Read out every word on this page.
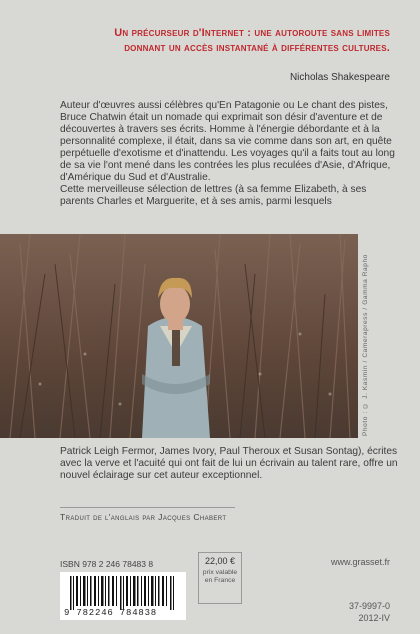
Un précurseur d'Internet : une autoroute sans limites donnant un accès instantané à différentes cultures.
Nicholas Shakespeare

Auteur d'œuvres aussi célèbres qu'En Patagonie ou Le chant des pistes, Bruce Chatwin était un nomade qui exprimait son désir d'aventure et de découvertes à travers ses écrits. Homme à l'énergie débordante et à la personnalité complexe, il était, dans sa vie comme dans son art, en quête perpétuelle d'exotisme et d'inattendu. Les voyages qu'il a faits tout au long de sa vie l'ont mené dans les contrées les plus reculées d'Asie, d'Afrique, d'Amérique du Sud et d'Australie.

Cette merveilleuse sélection de lettres (à sa femme Elizabeth, à ses parents Charles et Marguerite, et à ses amis, parmi lesquels

Photo : © J. Kasmin / Camerapress / Gamma Rapho

Patrick Leigh Fermor, James Ivory, Paul Theroux et Susan Sontag), écrites avec la verve et l'acuité qui ont fait de lui un écrivain au talent rare, offre un nouvel éclairage sur cet auteur exceptionnel.

Traduit de l'anglais par Jacques Chabert
ISBN 978 2 246 78483 8
9 782246 784838
22,00 €
prix valable en France
www.grasset.fr
37-9997-0
2012-IV
